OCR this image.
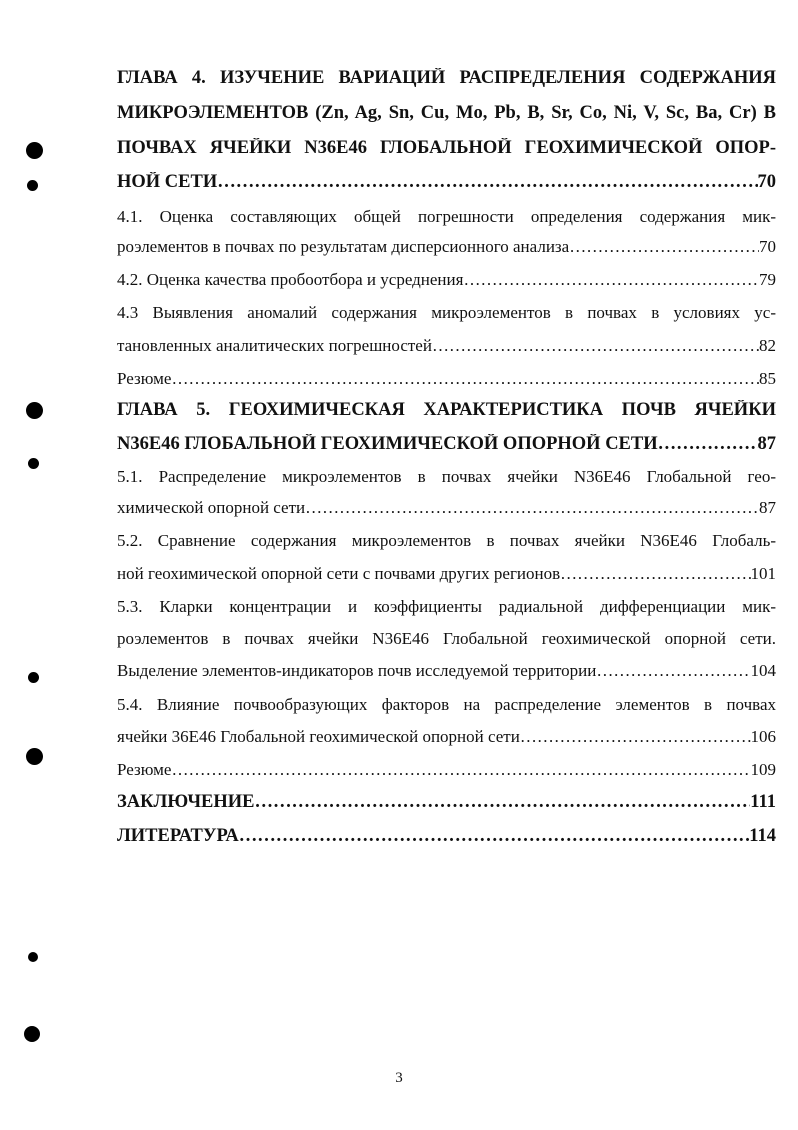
ГЛАВА 4. ИЗУЧЕНИЕ ВАРИАЦИЙ РАСПРЕДЕЛЕНИЯ СОДЕРЖАНИЯ
МИКРОЭЛЕМЕНТОВ (Zn, Ag, Sn, Cu, Mo, Pb, B, Sr, Co, Ni, V, Sc, Ba, Cr) В
ПОЧВАХ ЯЧЕЙКИ N36E46 ГЛОБАЛЬНОЙ ГЕОХИМИЧЕСКОЙ ОПОР-
НОЙ СЕТИ ……………………………………………………………………………………………………………………………………………………………………………………	70
4.1. Оценка составляющих общей погрешности определения содержания мик-
роэлементов в почвах по результатам дисперсионного анализа ……………………………………………………………………………………………………………………………………………………………………………………	70
4.2. Оценка качества пробоотбора и усреднения ……………………………………………………………………………………………………………………………………………………………………………………	79
4.3 Выявления аномалий содержания микроэлементов в почвах в условиях ус-
тановленных аналитических погрешностей ……………………………………………………………………………………………………………………………………………………………………………………	82
Резюме ……………………………………………………………………………………………………………………………………………………………………………………	85
ГЛАВА 5. ГЕОХИМИЧЕСКАЯ ХАРАКТЕРИСТИКА ПОЧВ ЯЧЕЙКИ
N36E46 ГЛОБАЛЬНОЙ ГЕОХИМИЧЕСКОЙ ОПОРНОЙ СЕТИ ……………………………………………………………………………………………………………………………………………………………………………………	87
5.1. Распределение микроэлементов в почвах ячейки N36E46 Глобальной гео-
химической опорной сети ……………………………………………………………………………………………………………………………………………………………………………………	87
5.2. Сравнение содержания микроэлементов в почвах ячейки N36E46 Глобаль-
ной геохимической опорной сети с почвами других регионов ……………………………………………………………………………………………………………………………………………………………………………………	101
5.3. Кларки концентрации и коэффициенты радиальной дифференциации мик-
роэлементов в почвах ячейки N36E46 Глобальной геохимической опорной сети.
Выделение элементов-индикаторов почв исследуемой территории ……………………………………………………………………………………………………………………………………………………………………………………	104
5.4. Влияние почвообразующих факторов на распределение элементов в почвах
ячейки 36E46 Глобальной геохимической опорной сети ……………………………………………………………………………………………………………………………………………………………………………………	106
Резюме ……………………………………………………………………………………………………………………………………………………………………………………	109
ЗАКЛЮЧЕНИЕ ……………………………………………………………………………………………………………………………………………………………………………………	111
ЛИТЕРАТУРА ……………………………………………………………………………………………………………………………………………………………………………………	114
3
